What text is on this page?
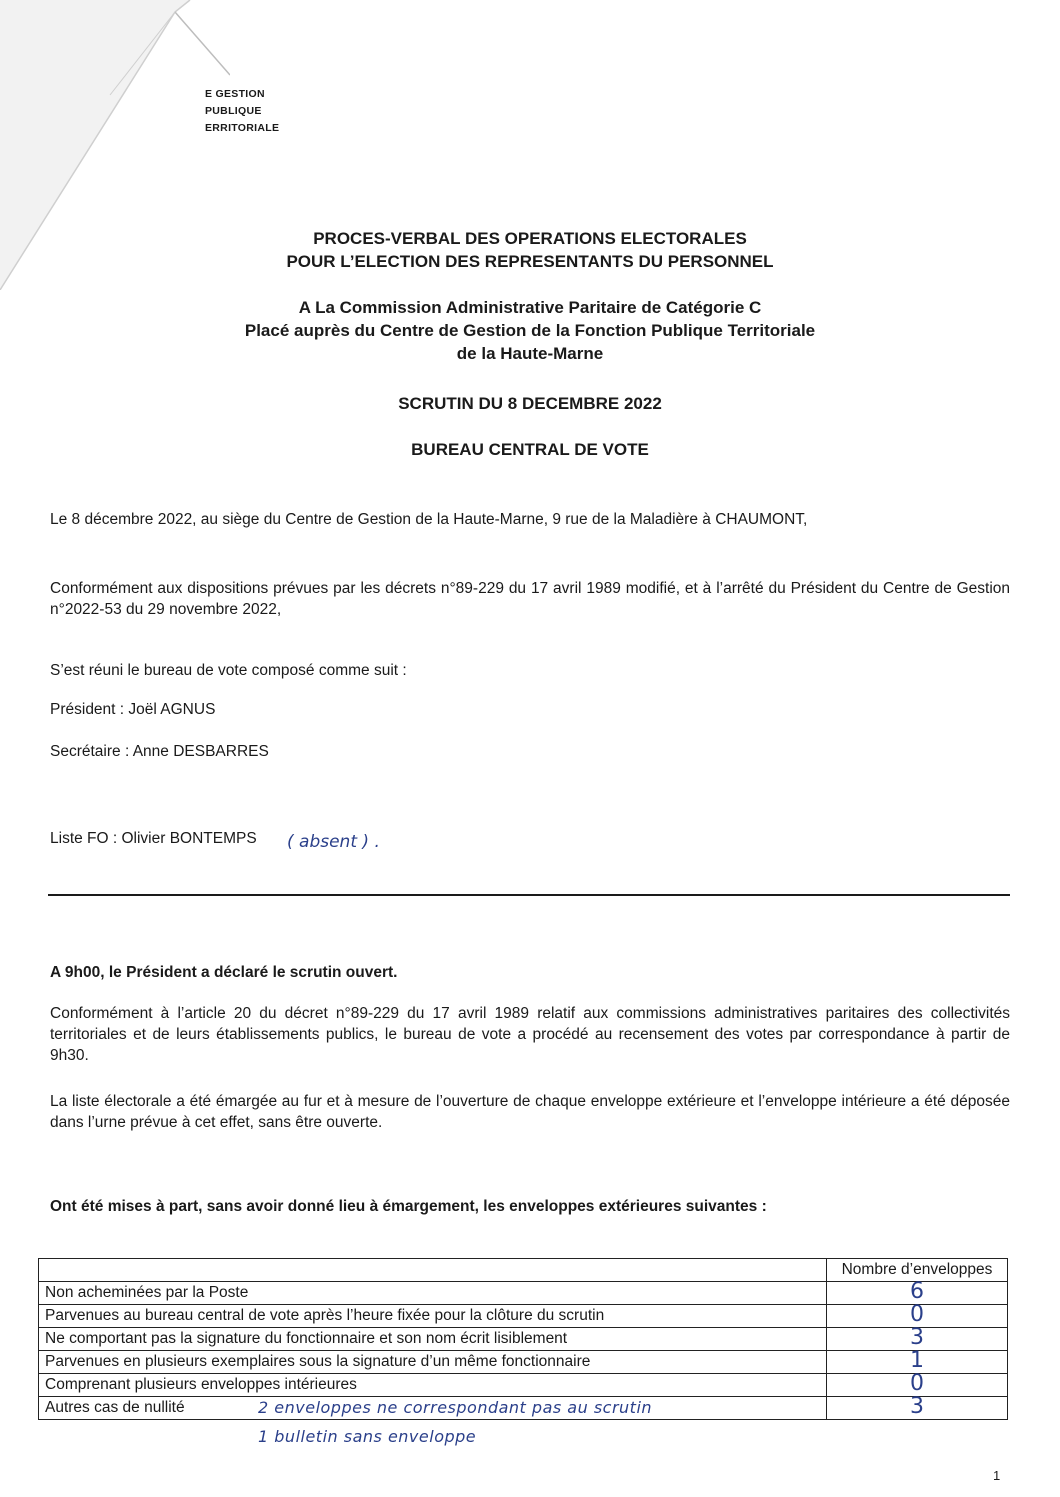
E GESTION
PUBLIQUE
ERRITORIALE
PROCES-VERBAL DES OPERATIONS ELECTORALES
POUR L’ELECTION DES REPRESENTANTS DU PERSONNEL
A La Commission Administrative Paritaire de Catégorie C
Placé auprès du Centre de Gestion de la Fonction Publique Territoriale
de la Haute-Marne
SCRUTIN DU 8 DECEMBRE 2022
BUREAU CENTRAL DE VOTE
Le 8 décembre 2022, au siège du Centre de Gestion de la Haute-Marne, 9 rue de la Maladière à CHAUMONT,
Conformément aux dispositions prévues par les décrets n°89-229 du 17 avril 1989 modifié, et à l’arrêté du Président du Centre de Gestion n°2022-53 du 29 novembre 2022,
S’est réuni le bureau de vote composé comme suit :
Président : Joël AGNUS
Secrétaire : Anne DESBARRES
Liste FO : Olivier BONTEMPS	( absent ) .
A 9h00, le Président a déclaré le scrutin ouvert.
Conformément à l’article 20 du décret n°89-229 du 17 avril 1989 relatif aux commissions administratives paritaires des collectivités territoriales et de leurs établissements publics, le bureau de vote a procédé au recensement des votes par correspondance à partir de 9h30.
La liste électorale a été émargée au fur et à mesure de l’ouverture de chaque enveloppe extérieure et l’enveloppe intérieure a été déposée dans l’urne prévue à cet effet, sans être ouverte.
Ont été mises à part, sans avoir donné lieu à émargement, les enveloppes extérieures suivantes :
	Nombre d’enveloppes
Non acheminées par la Poste	6
Parvenues au bureau central de vote après l’heure fixée pour la clôture du scrutin	0
Ne comportant pas la signature du fonctionnaire et son nom écrit lisiblement	3
Parvenues en plusieurs exemplaires sous la signature d’un même fonctionnaire	1
Comprenant plusieurs enveloppes intérieures	0
Autres cas de nullité	3
2 enveloppes ne correspondant pas au scrutin
1 bulletin sans enveloppe
1
